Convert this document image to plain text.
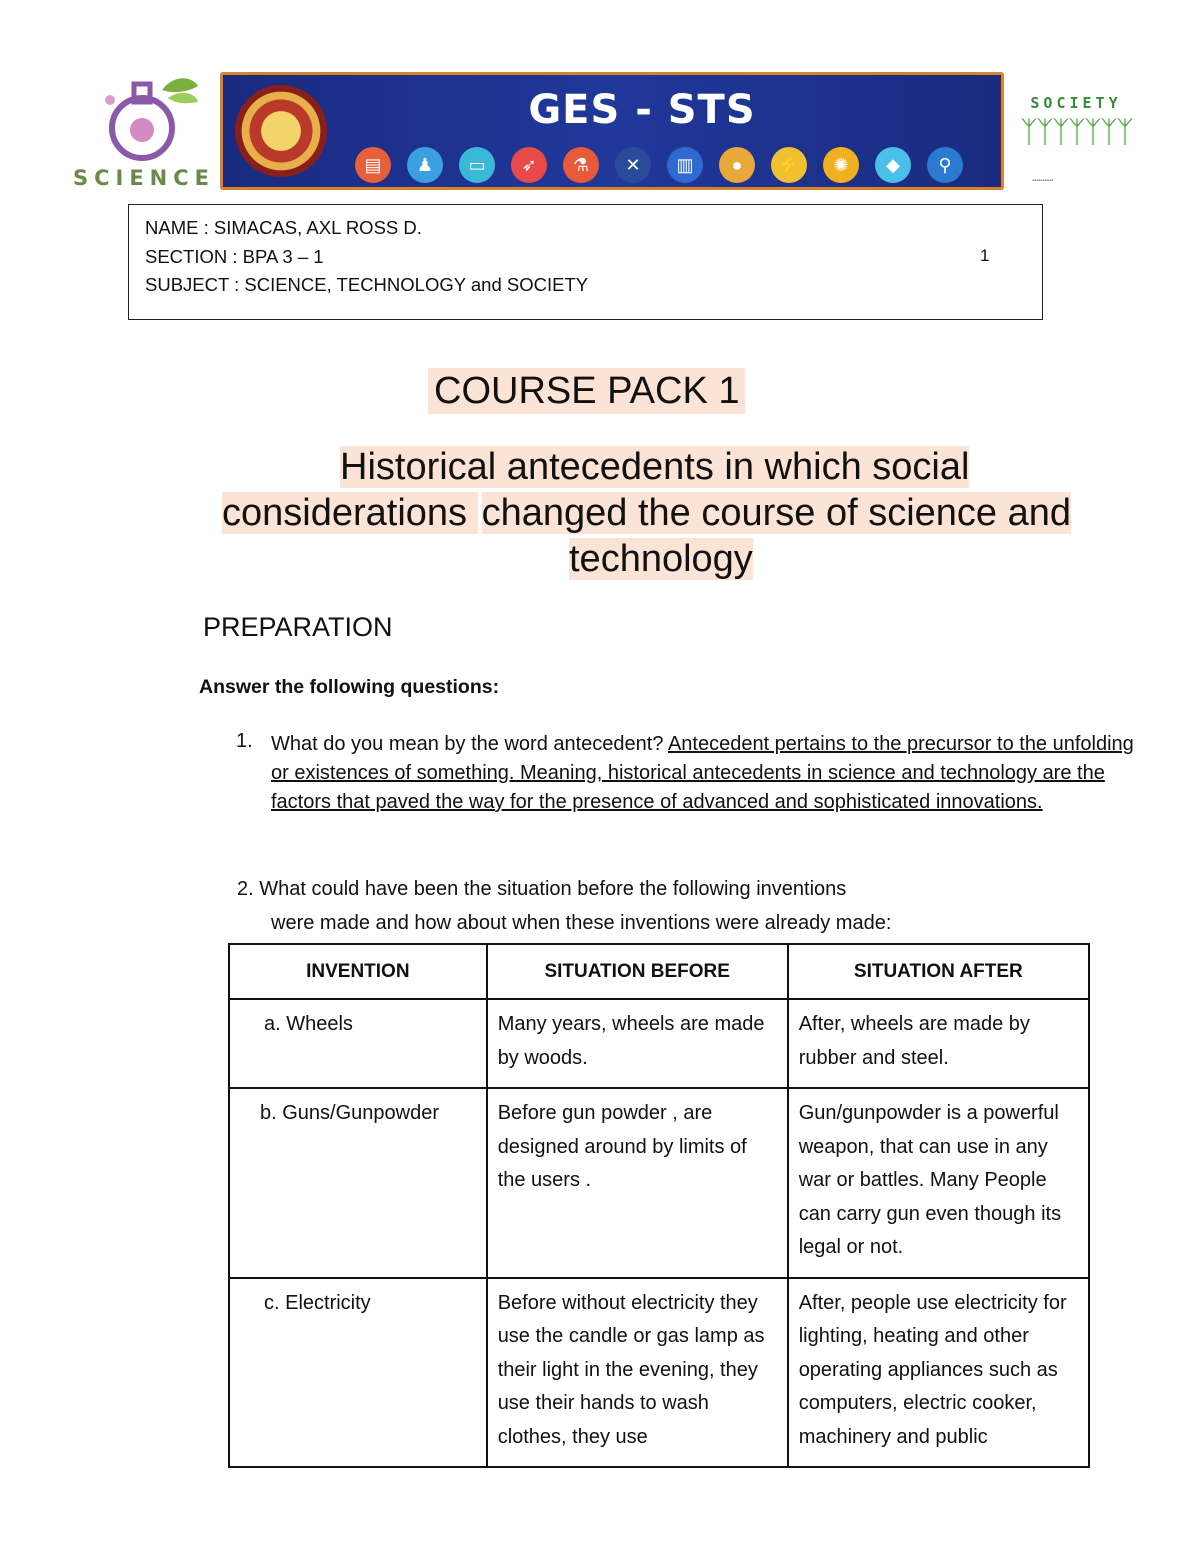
SCIENCE
GES - STS
▤	♟	▭	➶	⚗	✕	▥	●	⚡	✺	◆	⚲
SOCIETY
ᛉᛉᛉᛉᛉᛉᛉ
▪▪▪▪▪▪▪▪▪▪
NAME : SIMACAS, AXL ROSS D.
SECTION : BPA 3 – 1
SUBJECT : SCIENCE, TECHNOLOGY and SOCIETY
1
COURSE PACK 1
Historical antecedents in which social
considerations changed the course of science and
technology
PREPARATION
Answer the following questions:
1. What do you mean by the word antecedent? Antecedent pertains to the precursor to the unfolding or existences of something. Meaning, historical antecedents in science and technology are the factors that paved the way for the presence of advanced and sophisticated innovations.
2. What could have been the situation before the following inventions
were made and how about when these inventions were already made:
INVENTION	SITUATION BEFORE	SITUATION AFTER
a. Wheels	Many years, wheels are made by woods.	After, wheels are made by rubber and steel.
b. Guns/Gunpowder	Before gun powder , are designed around by limits of the users .	Gun/gunpowder is a powerful weapon, that can use in any war or battles. Many People can carry gun even though its legal or not.
c. Electricity	Before without electricity they use the candle or gas lamp as their light in the evening, they use their hands to wash clothes, they use	After, people use electricity for lighting, heating and other operating appliances such as computers, electric cooker, machinery and public
